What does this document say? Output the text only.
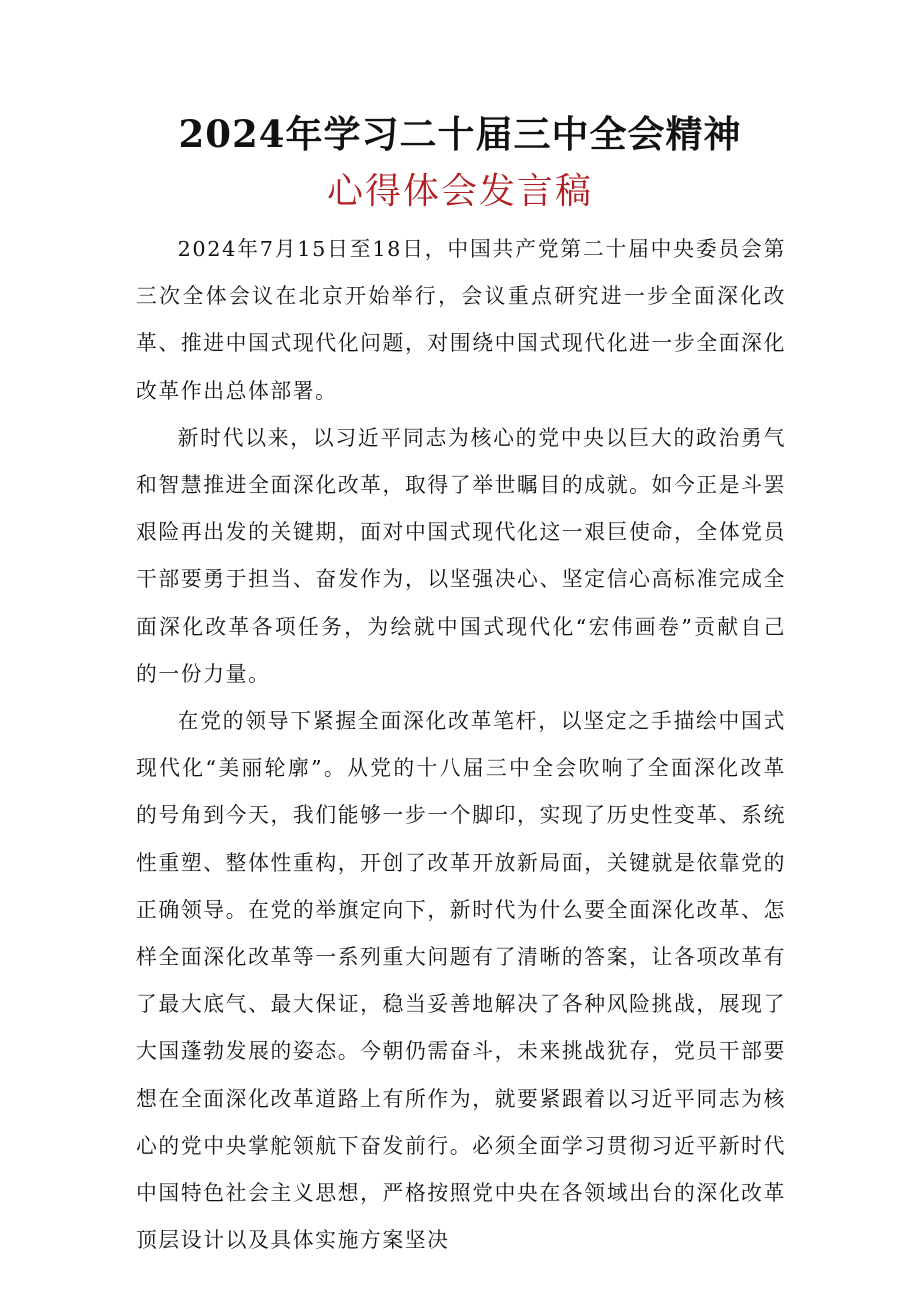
2024年学习二十届三中全会精神
心得体会发言稿

2024年7月15日至18日，中国共产党第二十届中央委员会第三次全体会议在北京开始举行，会议重点研究进一步全面深化改革、推进中国式现代化问题，对围绕中国式现代化进一步全面深化改革作出总体部署。

新时代以来，以习近平同志为核心的党中央以巨大的政治勇气和智慧推进全面深化改革，取得了举世瞩目的成就。如今正是斗罢艰险再出发的关键期，面对中国式现代化这一艰巨使命，全体党员干部要勇于担当、奋发作为，以坚强决心、坚定信心高标准完成全面深化改革各项任务，为绘就中国式现代化“宏伟画卷”贡献自己的一份力量。

在党的领导下紧握全面深化改革笔杆，以坚定之手描绘中国式现代化“美丽轮廓”。从党的十八届三中全会吹响了全面深化改革的号角到今天，我们能够一步一个脚印，实现了历史性变革、系统性重塑、整体性重构，开创了改革开放新局面，关键就是依靠党的正确领导。在党的举旗定向下，新时代为什么要全面深化改革、怎样全面深化改革等一系列重大问题有了清晰的答案，让各项改革有了最大底气、最大保证，稳当妥善地解决了各种风险挑战，展现了大国蓬勃发展的姿态。今朝仍需奋斗，未来挑战犹存，党员干部要想在全面深化改革道路上有所作为，就要紧跟着以习近平同志为核心的党中央掌舵领航下奋发前行。必须全面学习贯彻习近平新时代中国特色社会主义思想，严格按照党中央在各领域出台的深化改革顶层设计以及具体实施方案坚决
